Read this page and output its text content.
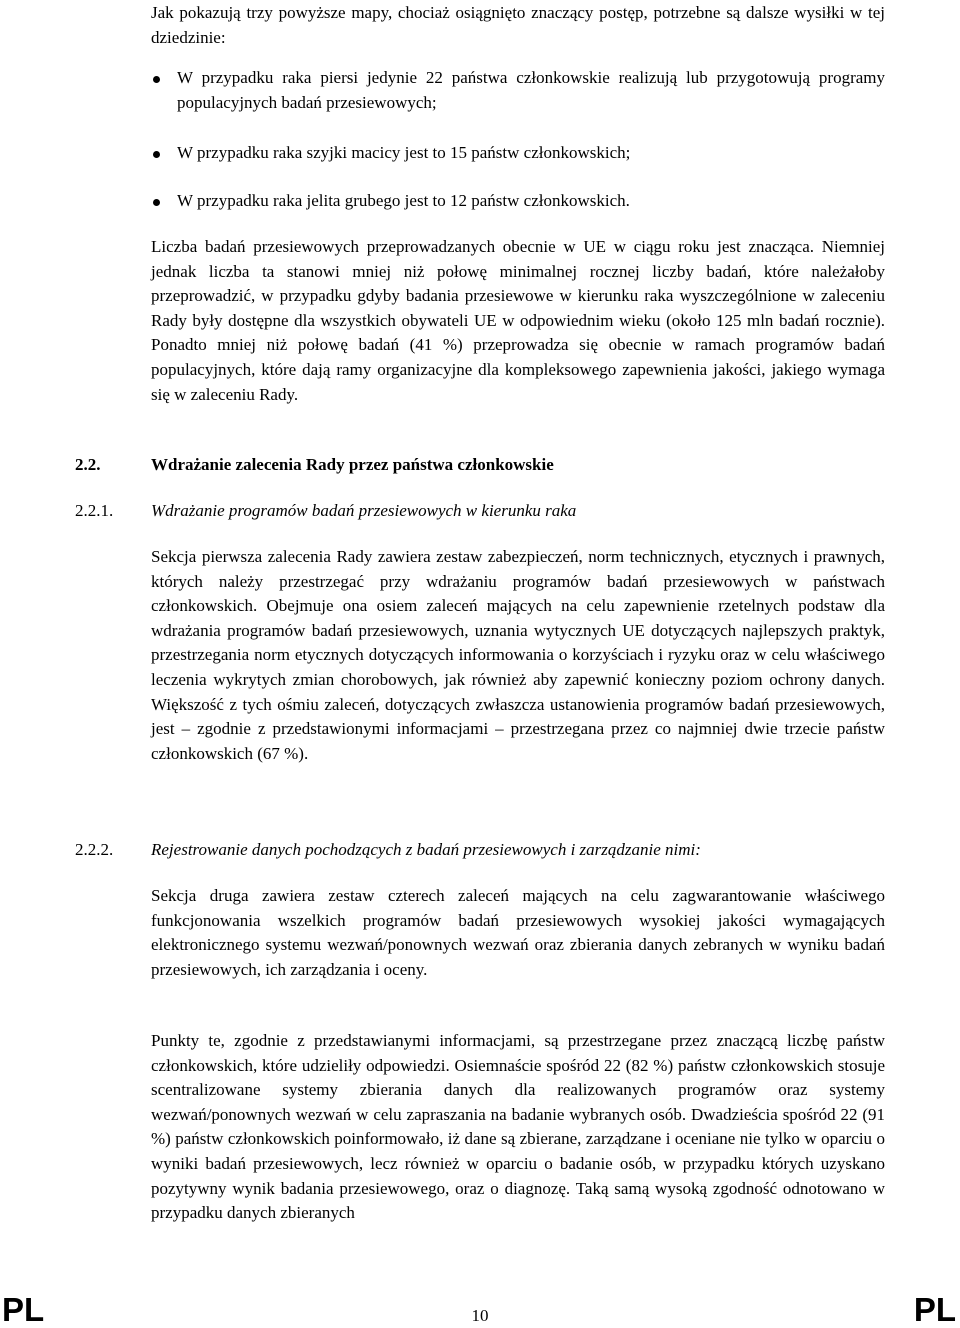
Jak pokazują trzy powyższe mapy, chociaż osiągnięto znaczący postęp, potrzebne są dalsze wysiłki w tej dziedzinie:

W przypadku raka piersi jedynie 22 państwa członkowskie realizują lub przygotowują programy populacyjnych badań przesiewowych;
W przypadku raka szyjki macicy jest to 15 państw członkowskich;
W przypadku raka jelita grubego jest to 12 państw członkowskich.

Liczba badań przesiewowych przeprowadzanych obecnie w UE w ciągu roku jest znacząca. Niemniej jednak liczba ta stanowi mniej niż połowę minimalnej rocznej liczby badań, które należałoby przeprowadzić, w przypadku gdyby badania przesiewowe w kierunku raka wyszczególnione w zaleceniu Rady były dostępne dla wszystkich obywateli UE w odpowiednim wieku (około 125 mln badań rocznie). Ponadto mniej niż połowę badań (41 %) przeprowadza się obecnie w ramach programów badań populacyjnych, które dają ramy organizacyjne dla kompleksowego zapewnienia jakości, jakiego wymaga się w zaleceniu Rady.

2.2.	Wdrażanie zalecenia Rady przez państwa członkowskie
2.2.1. Wdrażanie programów badań przesiewowych w kierunku raka

Sekcja pierwsza zalecenia Rady zawiera zestaw zabezpieczeń, norm technicznych, etycznych i prawnych, których należy przestrzegać przy wdrażaniu programów badań przesiewowych w państwach członkowskich. Obejmuje ona osiem zaleceń mających na celu zapewnienie rzetelnych podstaw dla wdrażania programów badań przesiewowych, uznania wytycznych UE dotyczących najlepszych praktyk, przestrzegania norm etycznych dotyczących informowania o korzyściach i ryzyku oraz w celu właściwego leczenia wykrytych zmian chorobowych, jak również aby zapewnić konieczny poziom ochrony danych. Większość z tych ośmiu zaleceń, dotyczących zwłaszcza ustanowienia programów badań przesiewowych, jest – zgodnie z przedstawionymi informacjami – przestrzegana przez co najmniej dwie trzecie państw członkowskich (67 %).

2.2.2. Rejestrowanie danych pochodzących z badań przesiewowych i zarządzanie nimi:

Sekcja druga zawiera zestaw czterech zaleceń mających na celu zagwarantowanie właściwego funkcjonowania wszelkich programów badań przesiewowych wysokiej jakości wymagających elektronicznego systemu wezwań/ponownych wezwań oraz zbierania danych zebranych w wyniku badań przesiewowych, ich zarządzania i oceny.

Punkty te, zgodnie z przedstawianymi informacjami, są przestrzegane przez znaczącą liczbę państw członkowskich, które udzieliły odpowiedzi. Osiemnaście spośród 22 (82 %) państw członkowskich stosuje scentralizowane systemy zbierania danych dla realizowanych programów oraz systemy wezwań/ponownych wezwań w celu zapraszania na badanie wybranych osób. Dwadzieścia spośród 22 (91 %) państw członkowskich poinformowało, iż dane są zbierane, zarządzane i oceniane nie tylko w oparciu o wyniki badań przesiewowych, lecz również w oparciu o badanie osób, w przypadku których uzyskano pozytywny wynik badania przesiewowego, oraz o diagnozę. Taką samą wysoką zgodność odnotowano w przypadku danych zbieranych

PL	10	PL
